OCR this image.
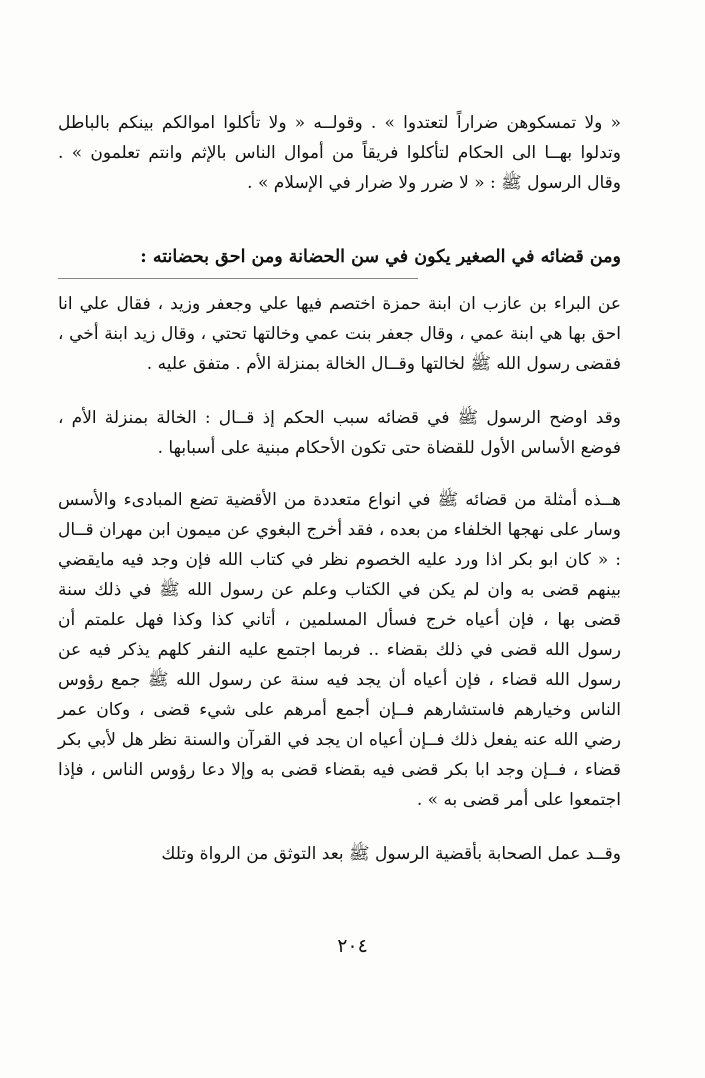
« ولا تمسكوهن ضراراً لتعتدوا » . وقولــه « ولا تأكلوا اموالكم بينكم بالباطل وتدلوا بهــا الى الحكام لتأكلوا فريقاً من أموال الناس بالإثم وانتم تعلمون » . وقال الرسول ﷺ : « لا ضرر ولا ضرار في الإسلام » .

ومن قضائه في الصغير يكون في سن الحضانة ومن احق بحضانته :

عن البراء بن عازب ان ابنة حمزة اختصم فيها علي وجعفر وزيد ، فقال علي انا احق بها هي ابنة عمي ، وقال جعفر بنت عمي وخالتها تحتي ، وقال زيد ابنة أخي ، فقضى رسول الله ﷺ لخالتها وقــال الخالة بمنزلة الأم . متفق عليه .

وقد اوضح الرسول ﷺ في قضائه سبب الحكم إذ قــال : الخالة بمنزلة الأم ، فوضع الأساس الأول للقضاة حتى تكون الأحكام مبنية على أسبابها .

هــذه أمثلة من قضائه ﷺ في انواع متعددة من الأقضية تضع المبادىء والأسس وسار على نهجها الخلفاء من بعده ، فقد أخرج البغوي عن ميمون ابن مهران قــال : « كان ابو بكر اذا ورد عليه الخصوم نظر في كتاب الله فإن وجد فيه مايقضي بينهم قضى به وان لم يكن في الكتاب وعلم عن رسول الله ﷺ في ذلك سنة قضى بها ، فإن أعياه خرج فسأل المسلمين ، أتاني كذا وكذا فهل علمتم أن رسول الله قضى في ذلك بقضاء .. فربما اجتمع عليه النفر كلهم يذكر فيه عن رسول الله قضاء ، فإن أعياه أن يجد فيه سنة عن رسول الله ﷺ جمع رؤوس الناس وخيارهم فاستشارهم فــإن أجمع أمرهم على شيء قضى ، وكان عمر رضي الله عنه يفعل ذلك فــإن أعياه ان يجد في القرآن والسنة نظر هل لأبي بكر قضاء ، فــإن وجد ابا بكر قضى فيه بقضاء قضى به وإلا دعا رؤوس الناس ، فإذا اجتمعوا على أمر قضى به » .

وقــد عمل الصحابة بأقضية الرسول ﷺ بعد التوثق من الرواة وتلك

٢٠٤
